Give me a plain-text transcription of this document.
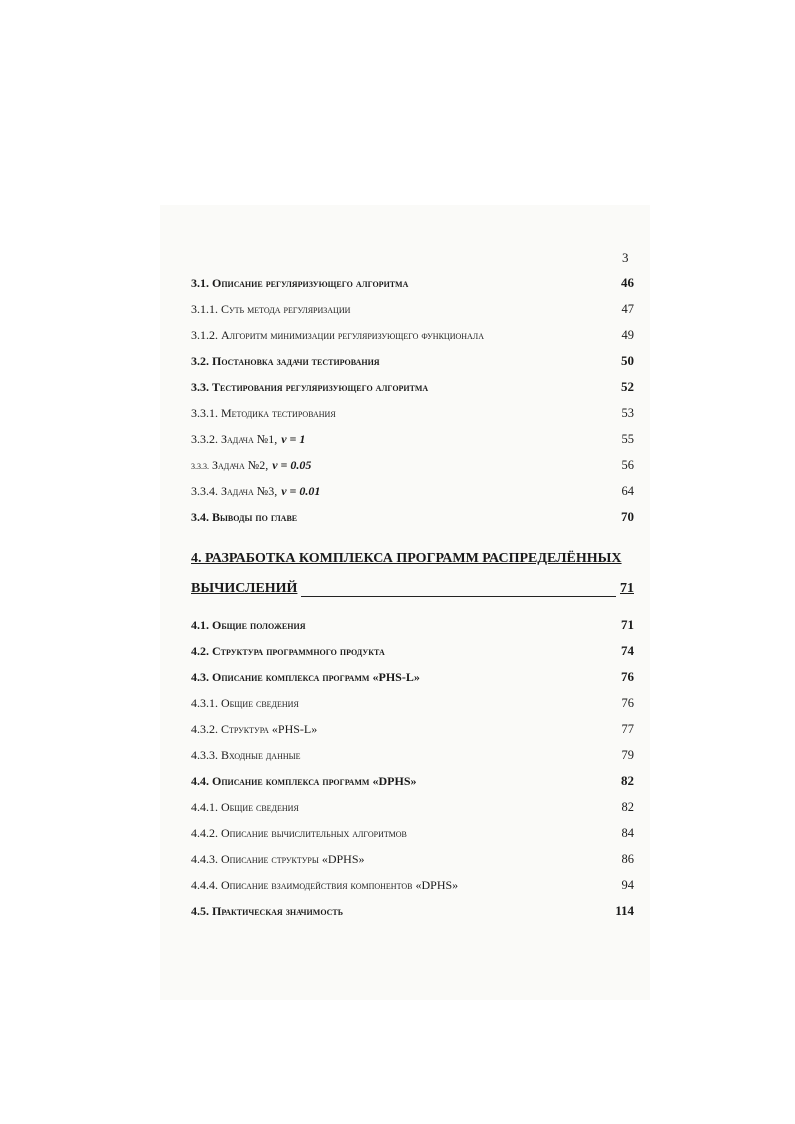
3
3.1. Описание регуляризующего алгоритма	46
3.1.1. Суть метода регуляризации	47
3.1.2. Алгоритм минимизации регуляризующего функционала	49
3.2. Постановка задачи тестирования	50
3.3. Тестирования регуляризующего алгоритма	52
3.3.1. Методика тестирования	53
3.3.2. Задача №1, v = 1	55
3.3.3. Задача №2, v = 0.05	56
3.3.4. Задача №3, v = 0.01	64
3.4. Выводы по главе	70
4. РАЗРАБОТКА КОМПЛЕКСА ПРОГРАММ РАСПРЕДЕЛЁННЫХ
ВЫЧИСЛЕНИЙ	71
4.1. Общие положения	71
4.2. Структура программного продукта	74
4.3. Описание комплекса программ «PHS-L»	76
4.3.1. Общие сведения	76
4.3.2. Структура «PHS-L»	77
4.3.3. Входные данные	79
4.4. Описание комплекса программ «DPHS»	82
4.4.1. Общие сведения	82
4.4.2. Описание вычислительных алгоритмов	84
4.4.3. Описание структуры «DPHS»	86
4.4.4. Описание взаимодействия компонентов «DPHS»	94
4.5. Практическая значимость	114
